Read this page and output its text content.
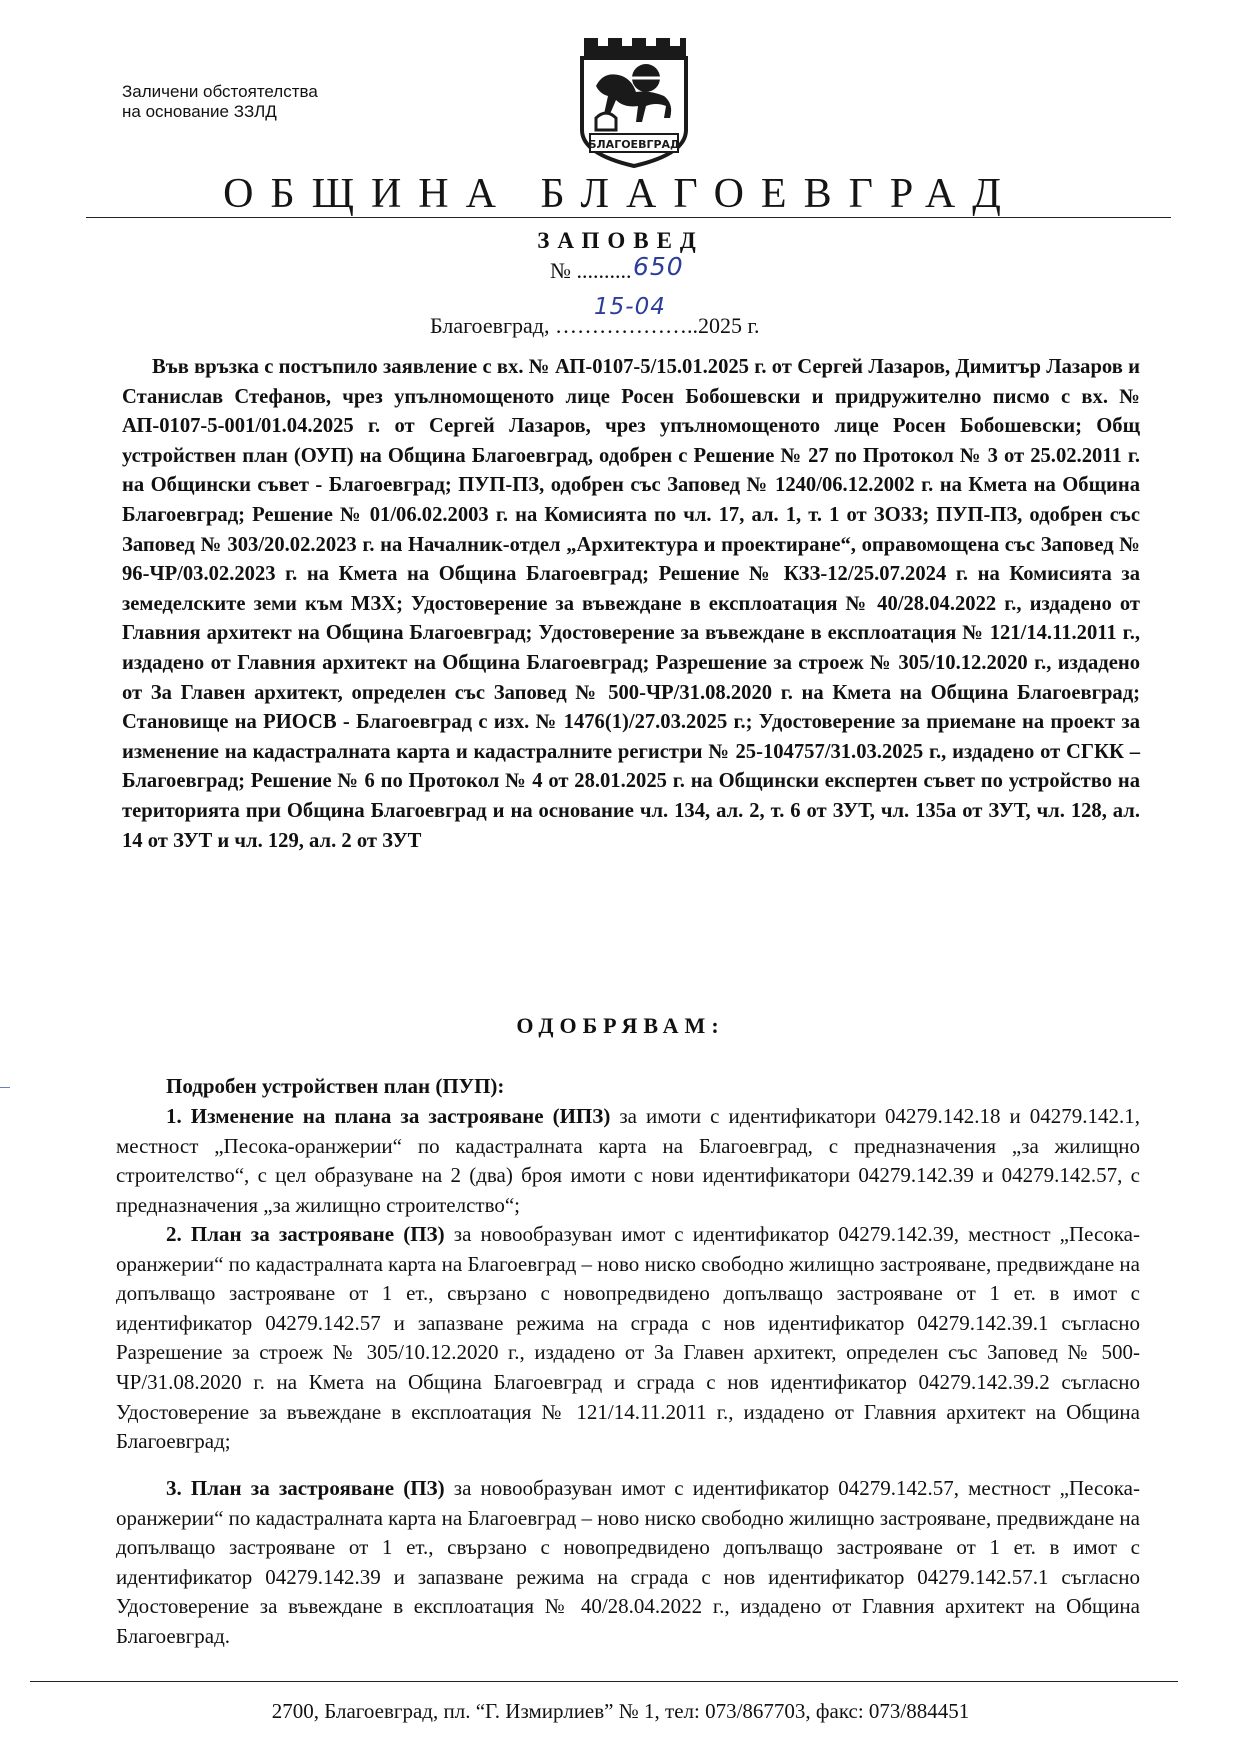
Заличени обстоятелства
на основание ЗЗЛД
БЛАГОЕВГРАД
ОБЩИНА БЛАГОЕВГРАД
ЗАПОВЕД
№ .......... 650
Благоевград, ………………..2025 г.
15-04
Във връзка с постъпило заявление с вх. № АП-0107-5/15.01.2025 г. от Сергей Лазаров, Димитър Лазаров и Станислав Стефанов, чрез упълномощеното лице Росен Бобошевски и придружително писмо с вх. № АП-0107-5-001/01.04.2025 г. от Сергей Лазаров, чрез упълномощеното лице Росен Бобошевски; Общ устройствен план (ОУП) на Община Благоевград, одобрен с Решение № 27 по Протокол № 3 от 25.02.2011 г. на Общински съвет - Благоевград; ПУП-ПЗ, одобрен със Заповед № 1240/06.12.2002 г. на Кмета на Община Благоевград; Решение № 01/06.02.2003 г. на Комисията по чл. 17, ал. 1, т. 1 от ЗОЗЗ; ПУП-ПЗ, одобрен със Заповед № 303/20.02.2023 г. на Началник-отдел „Архитектура и проектиране“, оправомощена със Заповед № 96-ЧР/03.02.2023 г. на Кмета на Община Благоевград; Решение № КЗЗ-12/25.07.2024 г. на Комисията за земеделските земи към МЗХ; Удостоверение за въвеждане в експлоатация № 40/28.04.2022 г., издадено от Главния архитект на Община Благоевград; Удостоверение за въвеждане в експлоатация № 121/14.11.2011 г., издадено от Главния архитект на Община Благоевград; Разрешение за строеж № 305/10.12.2020 г., издадено от За Главен архитект, определен със Заповед № 500-ЧР/31.08.2020 г. на Кмета на Община Благоевград; Становище на РИОСВ - Благоевград с изх. № 1476(1)/27.03.2025 г.; Удостоверение за приемане на проект за изменение на кадастралната карта и кадастралните регистри № 25-104757/31.03.2025 г., издадено от СГКК – Благоевград; Решение № 6 по Протокол № 4 от 28.01.2025 г. на Общински експертен съвет по устройство на територията при Община Благоевград и на основание чл. 134, ал. 2, т. 6 от ЗУТ, чл. 135а от ЗУТ, чл. 128, ал. 14 от ЗУТ и чл. 129, ал. 2 от ЗУТ
ОДОБРЯВАМ:
Подробен устройствен план (ПУП):
1. Изменение на плана за застрояване (ИПЗ) за имоти с идентификатори 04279.142.18 и 04279.142.1, местност „Песока-оранжерии“ по кадастралната карта на Благоевград, с предназначения „за жилищно строителство“, с цел образуване на 2 (два) броя имоти с нови идентификатори 04279.142.39 и 04279.142.57, с предназначения „за жилищно строителство“;
2. План за застрояване (ПЗ) за новообразуван имот с идентификатор 04279.142.39, местност „Песока-оранжерии“ по кадастралната карта на Благоевград – ново ниско свободно жилищно застрояване, предвиждане на допълващо застрояване от 1 ет., свързано с новопредвидено допълващо застрояване от 1 ет. в имот с идентификатор 04279.142.57 и запазване режима на сграда с нов идентификатор 04279.142.39.1 съгласно Разрешение за строеж № 305/10.12.2020 г., издадено от За Главен архитект, определен със Заповед № 500-ЧР/31.08.2020 г. на Кмета на Община Благоевград и сграда с нов идентификатор 04279.142.39.2 съгласно Удостоверение за въвеждане в експлоатация № 121/14.11.2011 г., издадено от Главния архитект на Община Благоевград;
3. План за застрояване (ПЗ) за новообразуван имот с идентификатор 04279.142.57, местност „Песока-оранжерии“ по кадастралната карта на Благоевград – ново ниско свободно жилищно застрояване, предвиждане на допълващо застрояване от 1 ет., свързано с новопредвидено допълващо застрояване от 1 ет. в имот с идентификатор 04279.142.39 и запазване режима на сграда с нов идентификатор 04279.142.57.1 съгласно Удостоверение за въвеждане в експлоатация № 40/28.04.2022 г., издадено от Главния архитект на Община Благоевград.
2700, Благоевград, пл. “Г. Измирлиев” № 1, тел: 073/867703, факс: 073/884451
